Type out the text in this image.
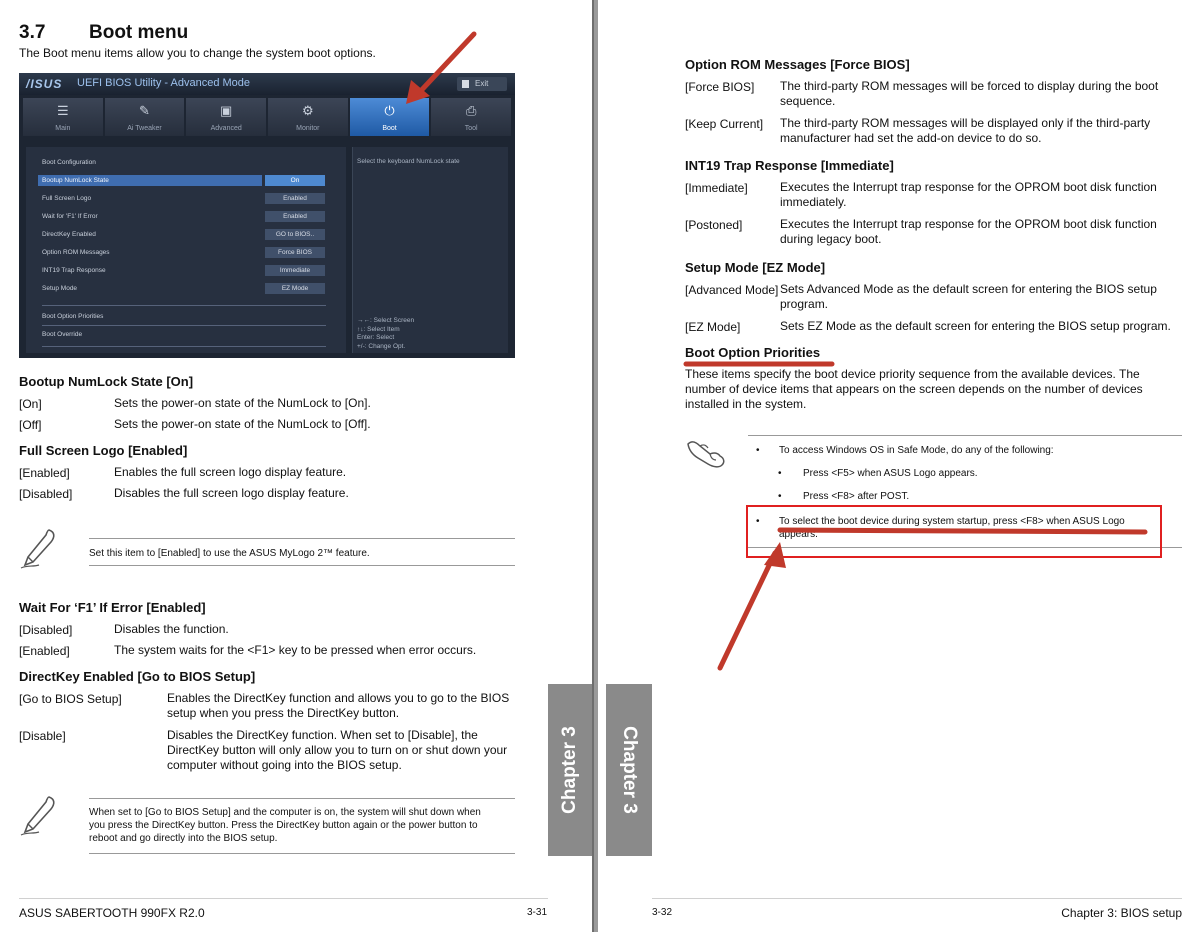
3.7 Boot menu
The Boot menu items allow you to change the system boot options.
/ISUS UEFI BIOS Utility - Advanced Mode	Exit
☰
Main
✎
Ai Tweaker
▣
Advanced
⚙
Monitor
⏻
Boot
⎙
Tool
Boot Configuration
Bootup NumLock State	On
Full Screen Logo	Enabled
Wait for 'F1' If Error	Enabled
DirectKey Enabled	GO to BIOS..
Option ROM Messages	Force BIOS
INT19 Trap Response	Immediate
Setup Mode	EZ Mode
Boot Option Priorities
Boot Override
Select the keyboard NumLock state
→←: Select Screen
↑↓: Select Item
Enter: Select
+/-: Change Opt.
Bootup NumLock State [On]
[On]	Sets the power-on state of the NumLock to [On].
[Off]	Sets the power-on state of the NumLock to [Off].
Full Screen Logo [Enabled]
[Enabled]	Enables the full screen logo display feature.
[Disabled]	Disables the full screen logo display feature.
Set this item to [Enabled] to use the ASUS MyLogo 2™ feature.
Wait For ‘F1’ If Error [Enabled]
[Disabled]	Disables the function.
[Enabled]	The system waits for the <F1> key to be pressed when error occurs.
DirectKey Enabled [Go to BIOS Setup]
[Go to BIOS Setup]	Enables the DirectKey function and allows you to go to the BIOS
setup when you press the DirectKey button.
[Disable]	Disables the DirectKey function. When set to [Disable], the
DirectKey button will only allow you to turn on or shut down your
computer without going into the BIOS setup.
When set to [Go to BIOS Setup] and the computer is on, the system will shut down when
you press the DirectKey button. Press the DirectKey button again or the power button to
reboot and go directly into the BIOS setup.
Chapter 3
ASUS SABERTOOTH 990FX R2.0	3-31
Chapter 3
Option ROM Messages [Force BIOS]
[Force BIOS] The third-party ROM messages will be forced to display during the boot
sequence.
[Keep Current] The third-party ROM messages will be displayed only if the third-party
manufacturer had set the add-on device to do so.
INT19 Trap Response [Immediate]
[Immediate]	Executes the Interrupt trap response for the OPROM boot disk function
immediately.
[Postoned]	Executes the Interrupt trap response for the OPROM boot disk function
during legacy boot.
Setup Mode [EZ Mode]
[Advanced Mode] Sets Advanced Mode as the default screen for entering the BIOS setup
program.
[EZ Mode]	Sets EZ Mode as the default screen for entering the BIOS setup program.
Boot Option Priorities
These items specify the boot device priority sequence from the available devices. The
number of device items that appears on the screen depends on the number of devices
installed in the system.
• To access Windows OS in Safe Mode, do any of the following:
• Press <F5> when ASUS Logo appears.
• Press <F8> after POST.
• To select the boot device during system startup, press <F8> when ASUS Logo
appears.
3-32	Chapter 3: BIOS setup
